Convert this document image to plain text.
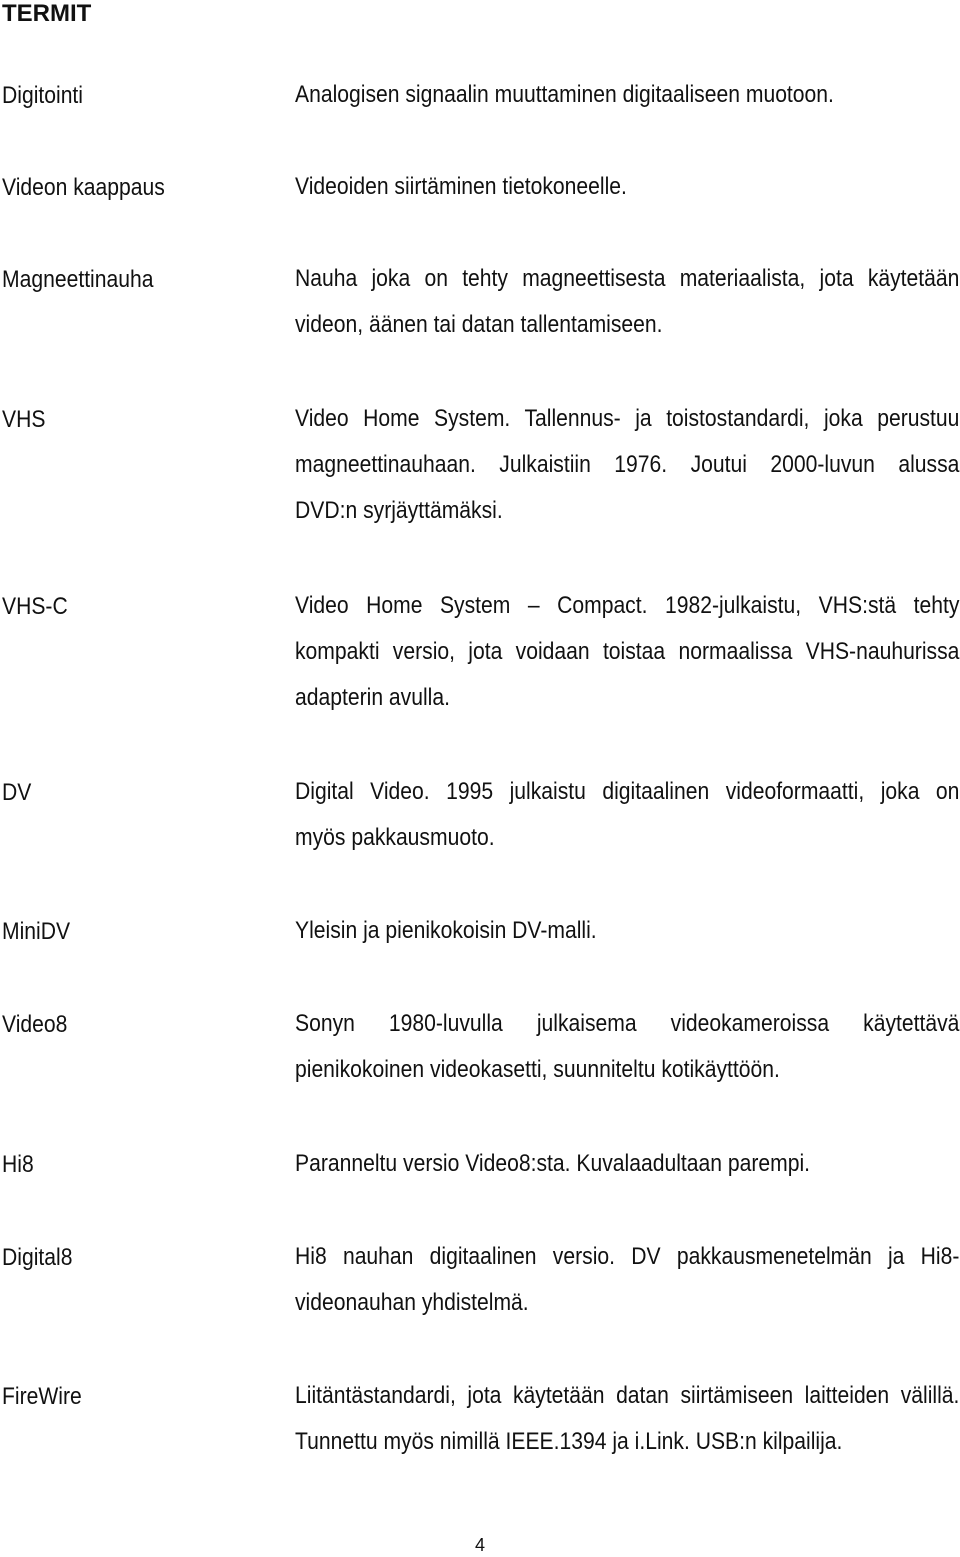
TERMIT
Digitointi	Analogisen signaalin muuttaminen digitaaliseen muotoon.
Videon kaappaus	Videoiden siirtäminen tietokoneelle.
Magneettinauha	Nauha joka on tehty magneettisesta materiaalista, jota käytetään
videon, äänen tai datan tallentamiseen.
VHS	Video Home System. Tallennus- ja toistostandardi, joka perustuu
magneettinauhaan. Julkaistiin 1976. Joutui 2000-luvun alussa
DVD:n syrjäyttämäksi.
VHS-C	Video Home System – Compact. 1982-julkaistu, VHS:stä tehty
kompakti versio, jota voidaan toistaa normaalissa VHS-nauhurissa
adapterin avulla.
DV	Digital Video. 1995 julkaistu digitaalinen videoformaatti, joka on
myös pakkausmuoto.
MiniDV	Yleisin ja pienikokoisin DV-malli.
Video8	Sonyn 1980-luvulla julkaisema videokameroissa käytettävä
pienikokoinen videokasetti, suunniteltu kotikäyttöön.
Hi8	Paranneltu versio Video8:sta. Kuvalaadultaan parempi.
Digital8	Hi8 nauhan digitaalinen versio. DV pakkausmenetelmän ja Hi8-
videonauhan yhdistelmä.
FireWire	Liitäntästandardi, jota käytetään datan siirtämiseen laitteiden välillä.
Tunnettu myös nimillä IEEE.1394 ja i.Link. USB:n kilpailija.
4
